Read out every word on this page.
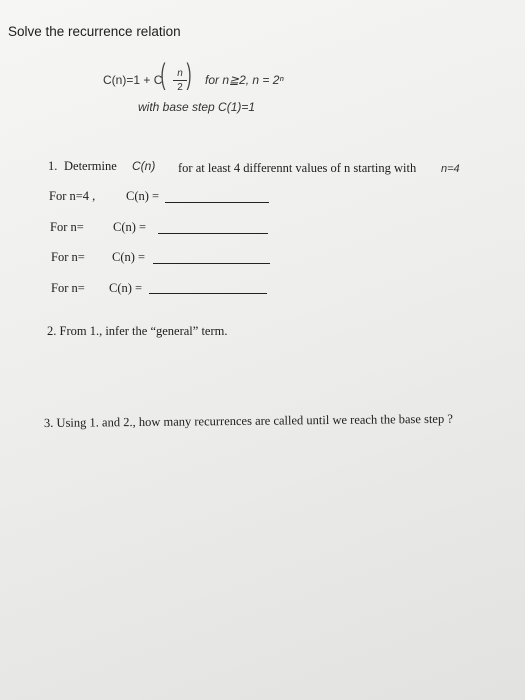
Solve the recurrence relation
C(n)=1 + C
(	n
2 ) for n≧2, n = 2ⁿ
with base step C(1)=1
1. Determine C(n) for at least 4 differennt values of n starting with n=4
For n=4 , C(n) =
For n= C(n) =
For n= C(n) =
For n= C(n) =
2. From 1., infer the “general” term.
3. Using 1. and 2., how many recurrences are called until we reach the base step ?
